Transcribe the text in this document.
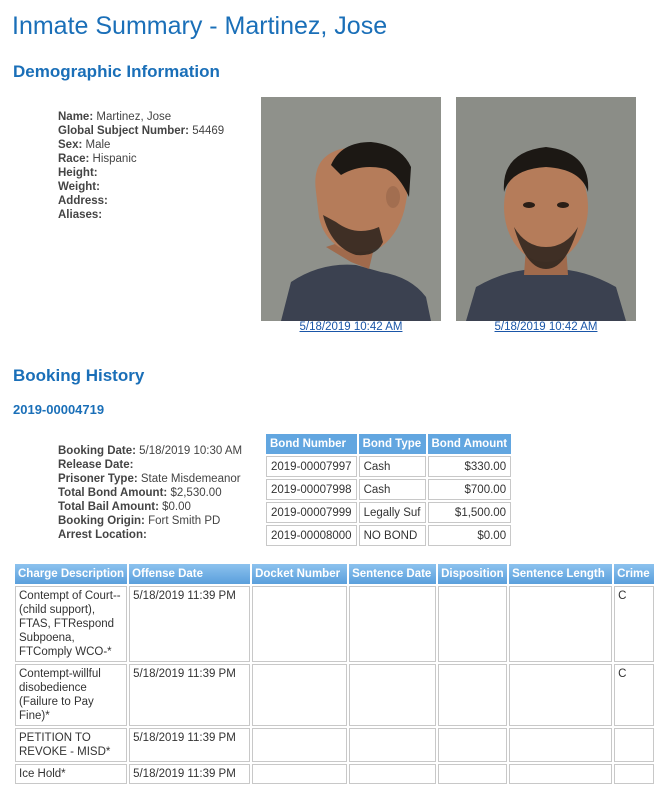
Inmate Summary - Martinez, Jose
Demographic Information
Name: Martinez, Jose
Global Subject Number: 54469
Sex: Male
Race: Hispanic
Height:
Weight:
Address:
Aliases:
5/18/2019 10:42 AM	5/18/2019 10:42 AM
Booking History
2019-00004719
Booking Date: 5/18/2019 10:30 AM
Release Date:
Prisoner Type: State Misdemeanor
Total Bond Amount: $2,530.00
Total Bail Amount: $0.00
Booking Origin: Fort Smith PD
Arrest Location:
Bond Number	Bond Type	Bond Amount
2019-00007997	Cash	$330.00
2019-00007998	Cash	$700.00
2019-00007999	Legally Suf	$1,500.00
2019-00008000	NO BOND	$0.00
Charge Description	Offense Date	Docket Number	Sentence Date	Disposition	Sentence Length	Crime
Contempt of Court--(child support), FTAS, FTRespond Subpoena, FTComply WCO-*	5/18/2019 11:39 PM					C
Contempt-willful disobedience (Failure to Pay Fine)*	5/18/2019 11:39 PM					C
PETITION TO REVOKE - MISD*	5/18/2019 11:39 PM					
Ice Hold*	5/18/2019 11:39 PM					
